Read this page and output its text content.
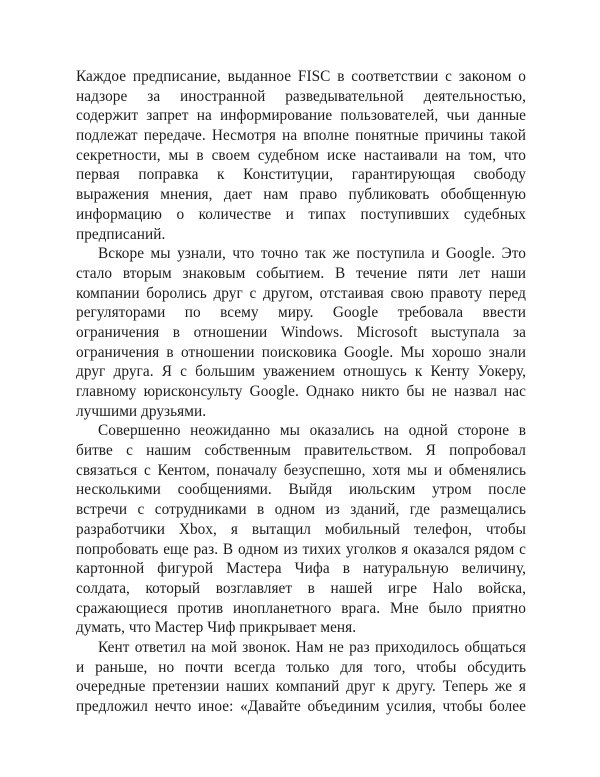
Каждое предписание, выданное FISC в соответствии с законом о
надзоре за иностранной разведывательной деятельностью,
содержит запрет на информирование пользователей, чьи данные
подлежат передаче. Несмотря на вполне понятные причины такой
секретности, мы в своем судебном иске настаивали на том, что
первая поправка к Конституции, гарантирующая свободу
выражения мнения, дает нам право публиковать обобщенную
информацию о количестве и типах поступивших судебных
предписаний.
Вскоре мы узнали, что точно так же поступила и Google. Это
стало вторым знаковым событием. В течение пяти лет наши
компании боролись друг с другом, отстаивая свою правоту перед
регуляторами по всему миру. Google требовала ввести
ограничения в отношении Windows. Microsoft выступала за
ограничения в отношении поисковика Google. Мы хорошо знали
друг друга. Я с большим уважением отношусь к Кенту Уокеру,
главному юрисконсульту Google. Однако никто бы не назвал нас
лучшими друзьями.
Совершенно неожиданно мы оказались на одной стороне в
битве с нашим собственным правительством. Я попробовал
связаться с Кентом, поначалу безуспешно, хотя мы и обменялись
несколькими сообщениями. Выйдя июльским утром после
встречи с сотрудниками в одном из зданий, где размещались
разработчики Xbox, я вытащил мобильный телефон, чтобы
попробовать еще раз. В одном из тихих уголков я оказался рядом с
картонной фигурой Мастера Чифа в натуральную величину,
солдата, который возглавляет в нашей игре Halo войска,
сражающиеся против инопланетного врага. Мне было приятно
думать, что Мастер Чиф прикрывает меня.
Кент ответил на мой звонок. Нам не раз приходилось общаться
и раньше, но почти всегда только для того, чтобы обсудить
очередные претензии наших компаний друг к другу. Теперь же я
предложил нечто иное: «Давайте объединим усилия, чтобы более
